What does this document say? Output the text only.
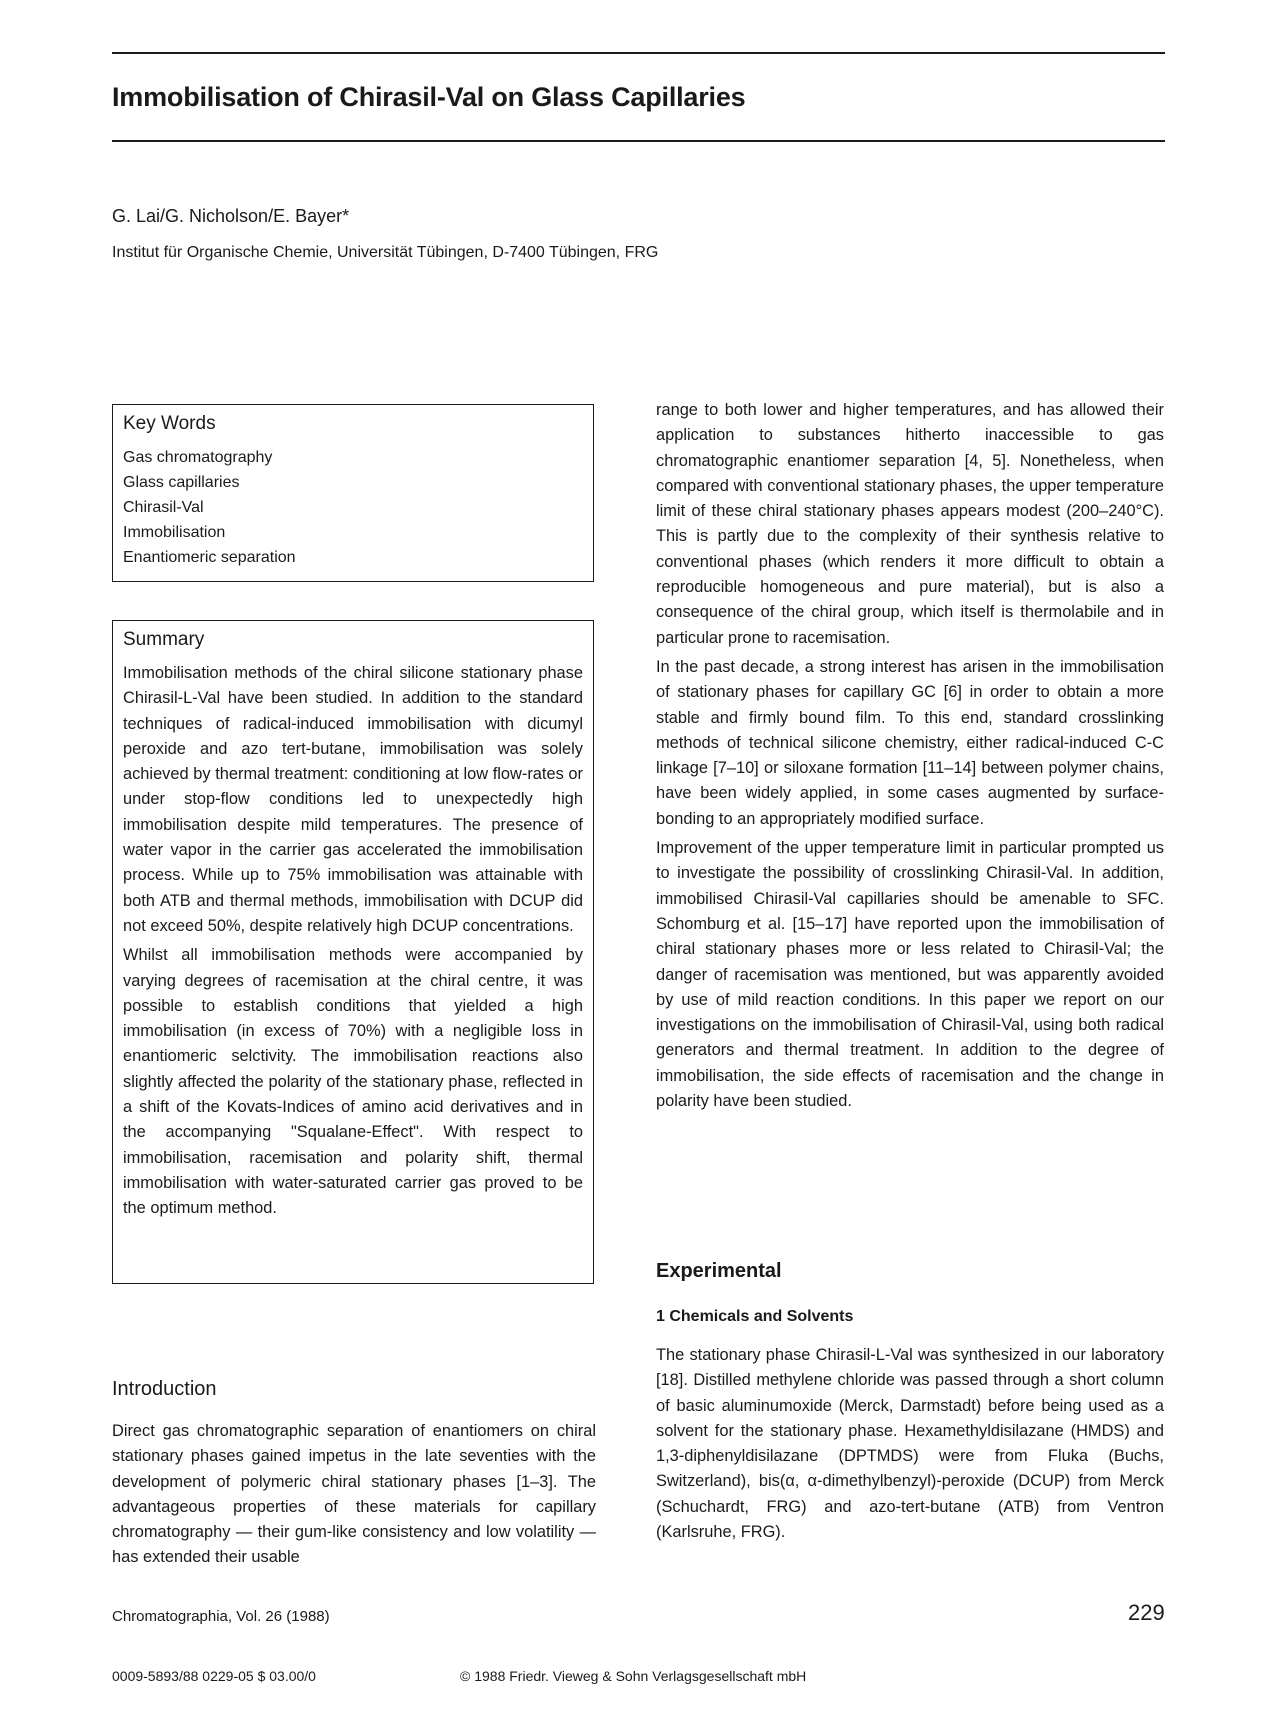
Immobilisation of Chirasil-Val on Glass Capillaries
G. Lai/G. Nicholson/E. Bayer*
Institut für Organische Chemie, Universität Tübingen, D-7400 Tübingen, FRG
Key Words
Gas chromatography
Glass capillaries
Chirasil-Val
Immobilisation
Enantiomeric separation
Summary

Immobilisation methods of the chiral silicone stationary phase Chirasil-L-Val have been studied. In addition to the standard techniques of radical-induced immobilisation with dicumyl peroxide and azo tert-butane, immobilisation was solely achieved by thermal treatment: conditioning at low flow-rates or under stop-flow conditions led to unexpectedly high immobilisation despite mild temperatures. The presence of water vapor in the carrier gas accelerated the immobilisation process. While up to 75% immobilisation was attainable with both ATB and thermal methods, immobilisation with DCUP did not exceed 50%, despite relatively high DCUP concentrations.

Whilst all immobilisation methods were accompanied by varying degrees of racemisation at the chiral centre, it was possible to establish conditions that yielded a high immobilisation (in excess of 70%) with a negligible loss in enantiomeric selctivity. The immobilisation reactions also slightly affected the polarity of the stationary phase, reflected in a shift of the Kovats-Indices of amino acid derivatives and in the accompanying "Squalane-Effect". With respect to immobilisation, racemisation and polarity shift, thermal immobilisation with water-saturated carrier gas proved to be the optimum method.

Introduction

Direct gas chromatographic separation of enantiomers on chiral stationary phases gained impetus in the late seventies with the development of polymeric chiral stationary phases [1–3]. The advantageous properties of these materials for capillary chromatography — their gum-like consistency and low volatility — has extended their usable

range to both lower and higher temperatures, and has allowed their application to substances hitherto inaccessible to gas chromatographic enantiomer separation [4, 5]. Nonetheless, when compared with conventional stationary phases, the upper temperature limit of these chiral stationary phases appears modest (200–240°C). This is partly due to the complexity of their synthesis relative to conventional phases (which renders it more difficult to obtain a reproducible homogeneous and pure material), but is also a consequence of the chiral group, which itself is thermolabile and in particular prone to racemisation.

In the past decade, a strong interest has arisen in the immobilisation of stationary phases for capillary GC [6] in order to obtain a more stable and firmly bound film. To this end, standard crosslinking methods of technical silicone chemistry, either radical-induced C-C linkage [7–10] or siloxane formation [11–14] between polymer chains, have been widely applied, in some cases augmented by surface-bonding to an appropriately modified surface.

Improvement of the upper temperature limit in particular prompted us to investigate the possibility of crosslinking Chirasil-Val. In addition, immobilised Chirasil-Val capillaries should be amenable to SFC. Schomburg et al. [15–17] have reported upon the immobilisation of chiral stationary phases more or less related to Chirasil-Val; the danger of racemisation was mentioned, but was apparently avoided by use of mild reaction conditions. In this paper we report on our investigations on the immobilisation of Chirasil-Val, using both radical generators and thermal treatment. In addition to the degree of immobilisation, the side effects of racemisation and the change in polarity have been studied.

Experimental
1 Chemicals and Solvents

The stationary phase Chirasil-L-Val was synthesized in our laboratory [18]. Distilled methylene chloride was passed through a short column of basic aluminumoxide (Merck, Darmstadt) before being used as a solvent for the stationary phase. Hexamethyldisilazane (HMDS) and 1,3-diphenyldisilazane (DPTMDS) were from Fluka (Buchs, Switzerland), bis(α, α-dimethylbenzyl)-peroxide (DCUP) from Merck (Schuchardt, FRG) and azo-tert-butane (ATB) from Ventron (Karlsruhe, FRG).

Chromatographia, Vol. 26 (1988)	229
0009-5893/88 0229-05 $ 03.00/0	© 1988 Friedr. Vieweg & Sohn Verlagsgesellschaft mbH
